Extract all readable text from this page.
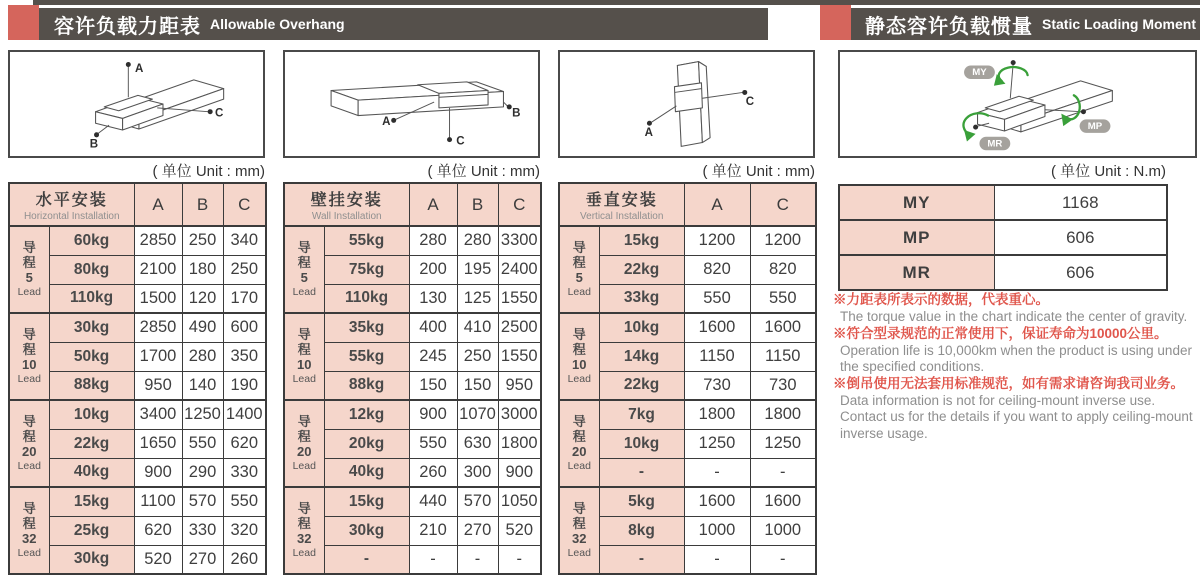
容许负载力距表 Allowable Overhang	静态容许负载惯量 Static Loading Moment
A
C
B
A
B
C
A
C
MY
MP
MR
( 单位 Unit : mm)	( 单位 Unit : mm)	( 单位 Unit : mm)	( 单位 Unit : N.m)
水平安装
Horizontal Installation		A	B	C

导
程
5
Lead	60kg	2850	250	340
	80kg	2100	180	250
	110kg	1500	120	170

导
程
10
Lead	30kg	2850	490	600
	50kg	1700	280	350
	88kg	950	140	190

导
程
20
Lead	10kg	3400	1250	1400
	22kg	1650	550	620
	40kg	900	290	330

导
程
32
Lead	15kg	1100	570	550
	25kg	620	330	320
	30kg	520	270	260
壁挂安装
Wall Installation		A	B	C

导
程
5
Lead	55kg	280	280	3300
	75kg	200	195	2400
	110kg	130	125	1550

导
程
10
Lead	35kg	400	410	2500
	55kg	245	250	1550
	88kg	150	150	950

导
程
20
Lead	12kg	900	1070	3000
	20kg	550	630	1800
	40kg	260	300	900

导
程
32
Lead	15kg	440	570	1050
	30kg	210	270	520
	-	-	-	-
垂直安装
Vertical Installation		A	C

导
程
5
Lead	15kg	1200	1200
	22kg	820	820
	33kg	550	550

导
程
10
Lead	10kg	1600	1600
	14kg	1150	1150
	22kg	730	730

导
程
20
Lead	7kg	1800	1800
	10kg	1250	1250
	-	-	-

导
程
32
Lead	5kg	1600	1600
	8kg	1000	1000
	-	-	-
MY	1168
MP	606
MR	606
※力距表所表示的数据，代表重心。
The torque value in the chart indicate the center of gravity.
※符合型录规范的正常使用下，保证寿命为10000公里。
Operation life is 10,000km when the product is using under the specified conditions.
※倒吊使用无法套用标准规范，如有需求请咨询我司业务。
Data information is not for ceiling-mount inverse use. Contact us for the details if you want to apply ceiling-mount inverse usage.
